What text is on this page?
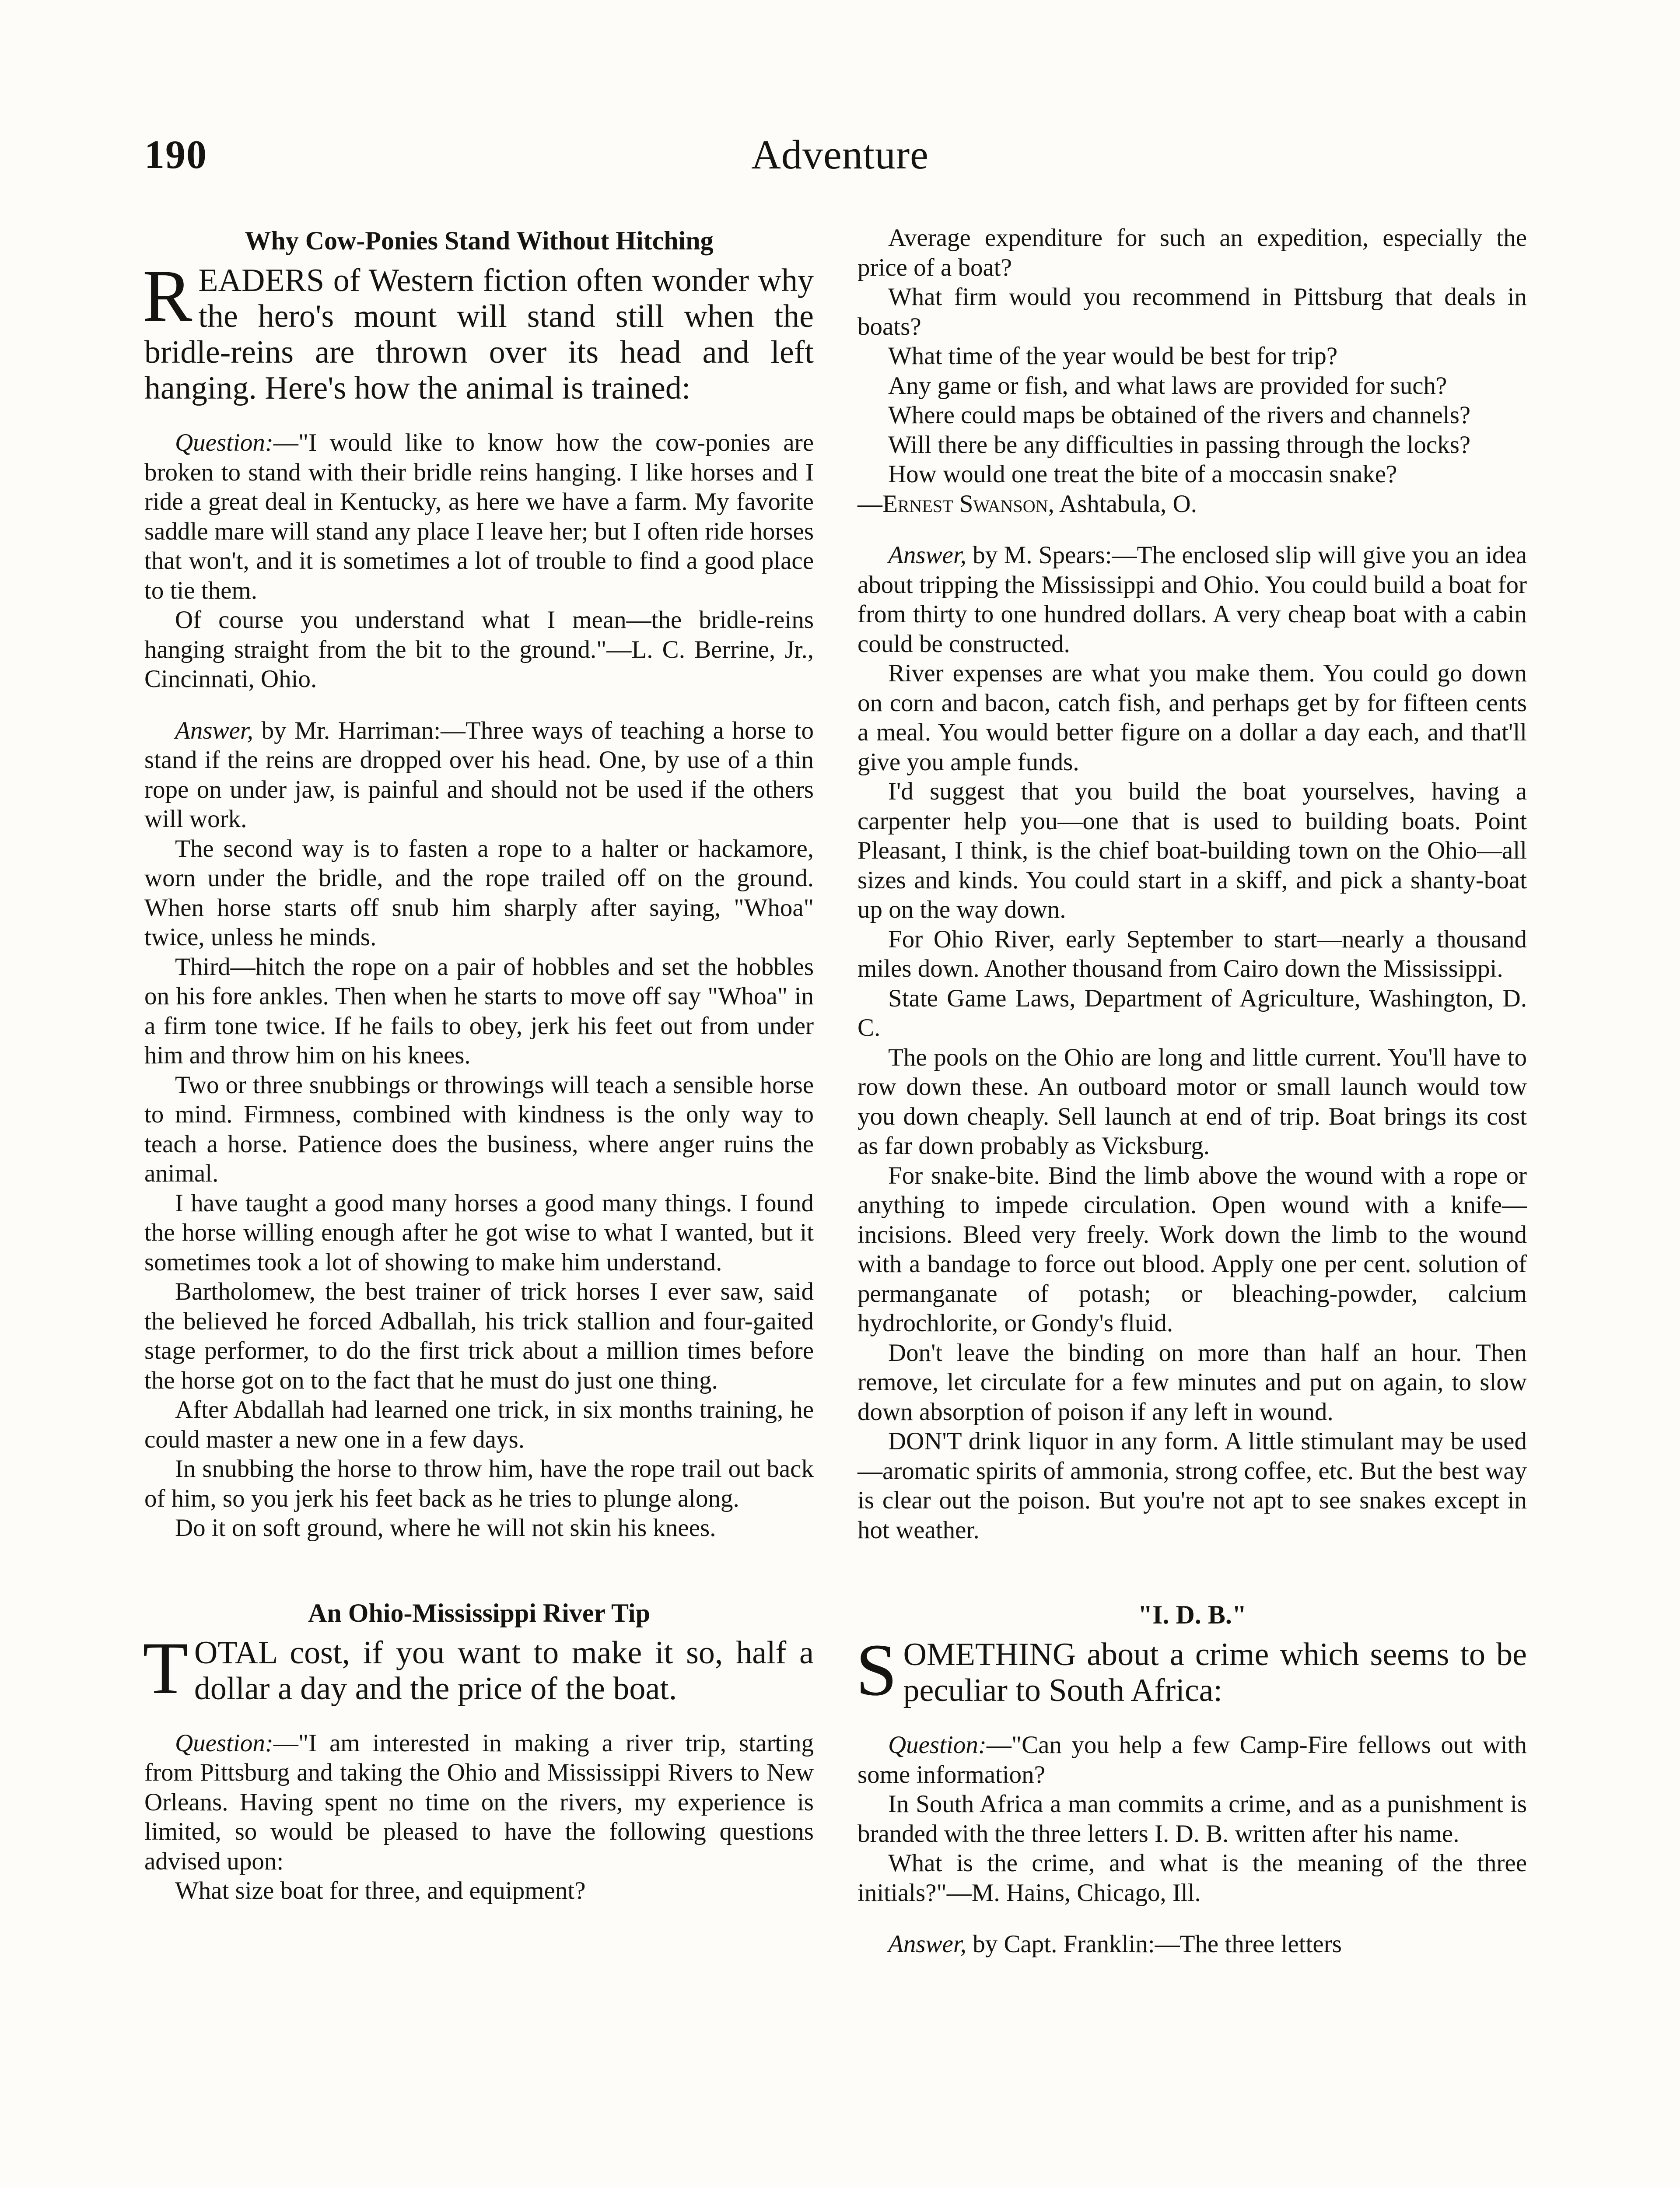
190	Adventure
Why Cow-Ponies Stand Without Hitching
READERS of Western fiction often wonder why the hero's mount will stand still when the bridle-reins are thrown over its head and left hanging. Here's how the animal is trained:

Question:—"I would like to know how the cow-ponies are broken to stand with their bridle reins hanging. I like horses and I ride a great deal in Kentucky, as here we have a farm. My favorite saddle mare will stand any place I leave her; but I often ride horses that won't, and it is sometimes a lot of trouble to find a good place to tie them.

Of course you understand what I mean—the bridle-reins hanging straight from the bit to the ground."—L. C. Berrine, Jr., Cincinnati, Ohio.

Answer, by Mr. Harriman:—Three ways of teaching a horse to stand if the reins are dropped over his head. One, by use of a thin rope on under jaw, is painful and should not be used if the others will work.

The second way is to fasten a rope to a halter or hackamore, worn under the bridle, and the rope trailed off on the ground. When horse starts off snub him sharply after saying, "Whoa" twice, unless he minds.

Third—hitch the rope on a pair of hobbles and set the hobbles on his fore ankles. Then when he starts to move off say "Whoa" in a firm tone twice. If he fails to obey, jerk his feet out from under him and throw him on his knees.

Two or three snubbings or throwings will teach a sensible horse to mind. Firmness, combined with kindness is the only way to teach a horse. Patience does the business, where anger ruins the animal.

I have taught a good many horses a good many things. I found the horse willing enough after he got wise to what I wanted, but it sometimes took a lot of showing to make him understand.

Bartholomew, the best trainer of trick horses I ever saw, said the believed he forced Adballah, his trick stallion and four-gaited stage performer, to do the first trick about a million times before the horse got on to the fact that he must do just one thing.

After Abdallah had learned one trick, in six months training, he could master a new one in a few days.

In snubbing the horse to throw him, have the rope trail out back of him, so you jerk his feet back as he tries to plunge along.

Do it on soft ground, where he will not skin his knees.

An Ohio-Mississippi River Tip
TOTAL cost, if you want to make it so, half a dollar a day and the price of the boat.

Question:—"I am interested in making a river trip, starting from Pittsburg and taking the Ohio and Mississippi Rivers to New Orleans. Having spent no time on the rivers, my experience is limited, so would be pleased to have the following questions advised upon:

What size boat for three, and equipment?

Average expenditure for such an expedition, especially the price of a boat?

What firm would you recommend in Pittsburg that deals in boats?

What time of the year would be best for trip?

Any game or fish, and what laws are provided for such?

Where could maps be obtained of the rivers and channels?

Will there be any difficulties in passing through the locks?

How would one treat the bite of a moccasin snake?

—Ernest Swanson, Ashtabula, O.

Answer, by M. Spears:—The enclosed slip will give you an idea about tripping the Mississippi and Ohio. You could build a boat for from thirty to one hundred dollars. A very cheap boat with a cabin could be constructed.

River expenses are what you make them. You could go down on corn and bacon, catch fish, and perhaps get by for fifteen cents a meal. You would better figure on a dollar a day each, and that'll give you ample funds.

I'd suggest that you build the boat yourselves, having a carpenter help you—one that is used to building boats. Point Pleasant, I think, is the chief boat-building town on the Ohio—all sizes and kinds. You could start in a skiff, and pick a shanty-boat up on the way down.

For Ohio River, early September to start—nearly a thousand miles down. Another thousand from Cairo down the Mississippi.

State Game Laws, Department of Agriculture, Washington, D. C.

The pools on the Ohio are long and little current. You'll have to row down these. An outboard motor or small launch would tow you down cheaply. Sell launch at end of trip. Boat brings its cost as far down probably as Vicksburg.

For snake-bite. Bind the limb above the wound with a rope or anything to impede circulation. Open wound with a knife—incisions. Bleed very freely. Work down the limb to the wound with a bandage to force out blood. Apply one per cent. solution of permanganate of potash; or bleaching-powder, calcium hydrochlorite, or Gondy's fluid.

Don't leave the binding on more than half an hour. Then remove, let circulate for a few minutes and put on again, to slow down absorption of poison if any left in wound.

DON'T drink liquor in any form. A little stimulant may be used—aromatic spirits of ammonia, strong coffee, etc. But the best way is clear out the poison. But you're not apt to see snakes except in hot weather.

"I. D. B."
SOMETHING about a crime which seems to be peculiar to South Africa:

Question:—"Can you help a few Camp-Fire fellows out with some information?

In South Africa a man commits a crime, and as a punishment is branded with the three letters I. D. B. written after his name.

What is the crime, and what is the meaning of the three initials?"—M. Hains, Chicago, Ill.

Answer, by Capt. Franklin:—The three letters
